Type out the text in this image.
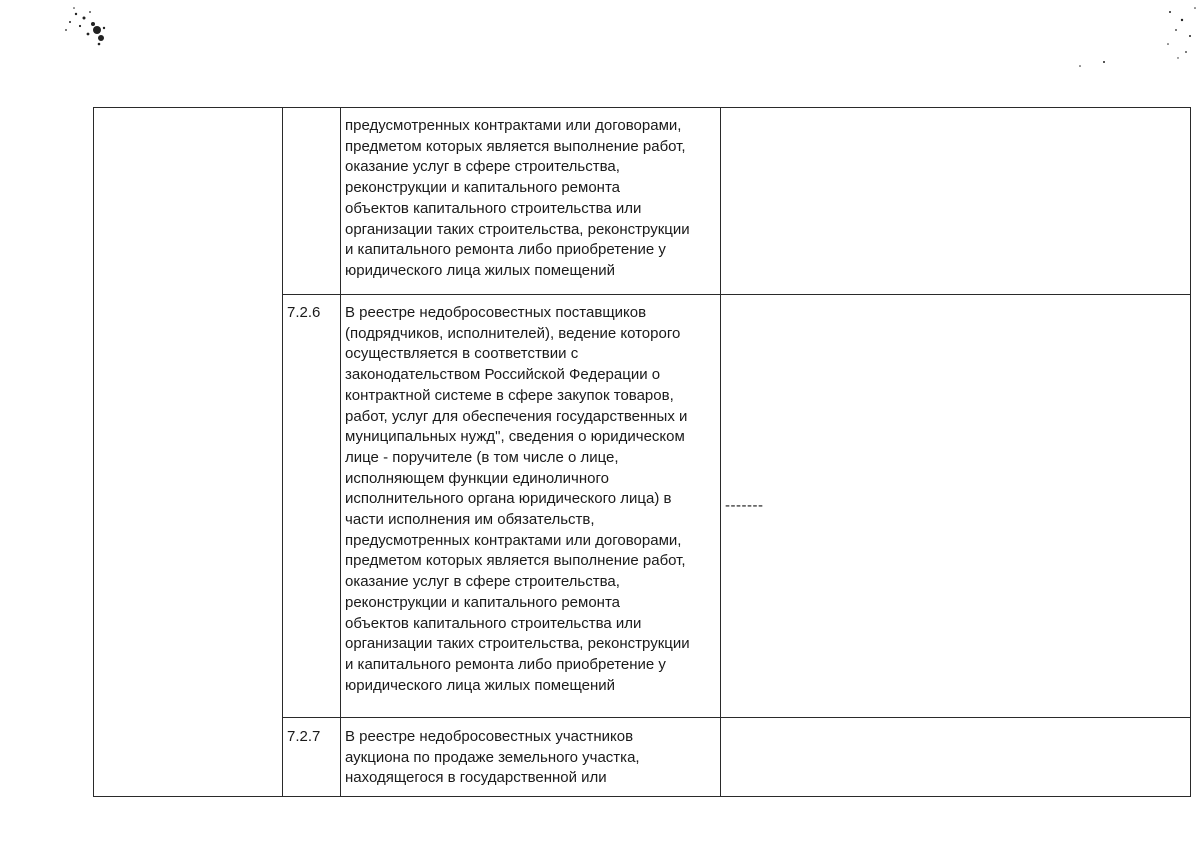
предусмотренных контрактами или договорами,
предметом которых является выполнение работ,
оказание услуг в сфере строительства,
реконструкции и капитального ремонта
объектов капитального строительства или
организации таких строительства, реконструкции
и капитального ремонта либо приобретение у
юридического лица жилых помещений
7.2.6 В реестре недобросовестных поставщиков
(подрядчиков, исполнителей), ведение которого
осуществляется в соответствии с
законодательством Российской Федерации о
контрактной системе в сфере закупок товаров,
работ, услуг для обеспечения государственных и
муниципальных нужд", сведения о юридическом
лице - поручителе (в том числе о лице,
исполняющем функции единоличного
исполнительного органа юридического лица) в
части исполнения им обязательств,
предусмотренных контрактами или договорами,
предметом которых является выполнение работ,
оказание услуг в сфере строительства,
реконструкции и капитального ремонта
объектов капитального строительства или
организации таких строительства, реконструкции
и капитального ремонта либо приобретение у
юридического лица жилых помещений
-------
7.2.7 В реестре недобросовестных участников
аукциона по продаже земельного участка,
находящегося в государственной или
